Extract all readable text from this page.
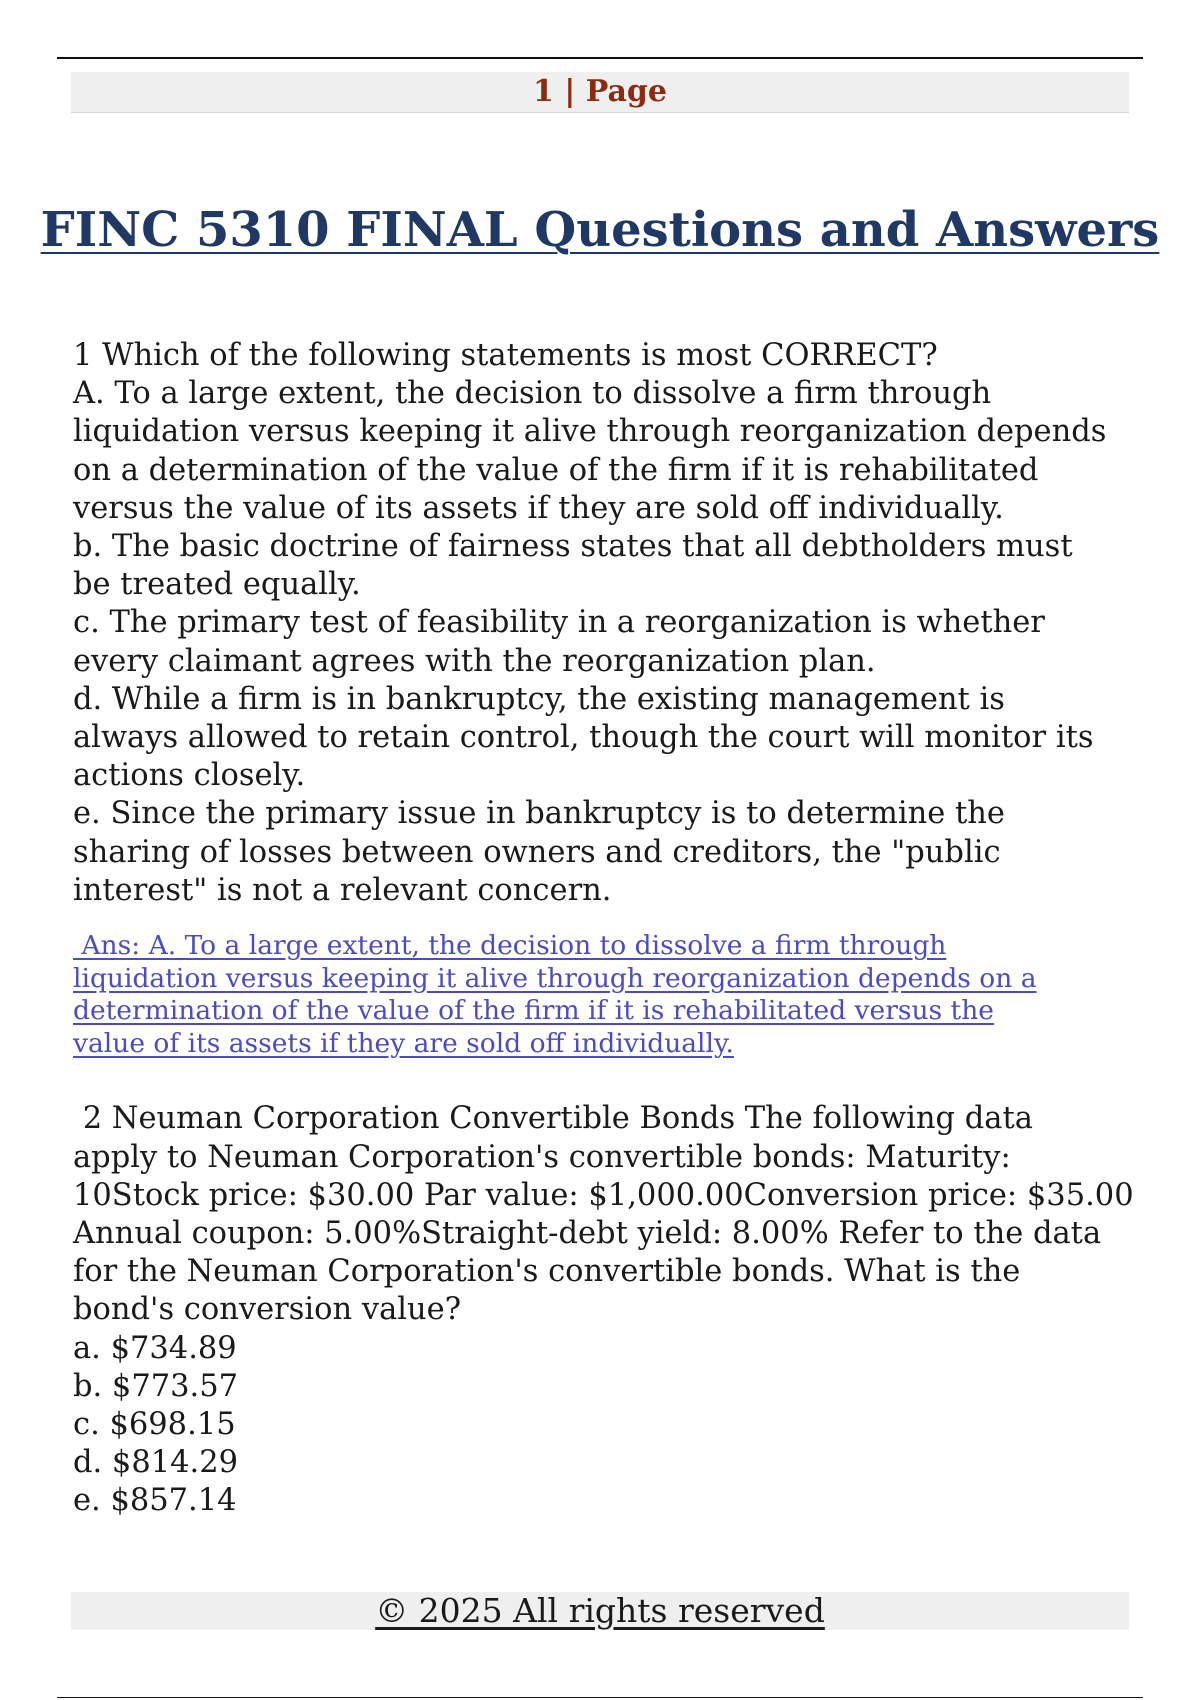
1 | Page
FINC 5310 FINAL Questions and Answers

1 Which of the following statements is most CORRECT?

A. To a large extent, the decision to dissolve a firm through

liquidation versus keeping it alive through reorganization depends

on a determination of the value of the firm if it is rehabilitated

versus the value of its assets if they are sold off individually.

b. The basic doctrine of fairness states that all debtholders must

be treated equally.

c. The primary test of feasibility in a reorganization is whether

every claimant agrees with the reorganization plan.

d. While a firm is in bankruptcy, the existing management is

always allowed to retain control, though the court will monitor its

actions closely.

e. Since the primary issue in bankruptcy is to determine the

sharing of losses between owners and creditors, the "public

interest" is not a relevant concern.

Ans: A. To a large extent, the decision to dissolve a firm through

liquidation versus keeping it alive through reorganization depends on a

determination of the value of the firm if it is rehabilitated versus the

value of its assets if they are sold off individually.

2 Neuman Corporation Convertible Bonds The following data

apply to Neuman Corporation's convertible bonds: Maturity:

10Stock price: $30.00 Par value: $1,000.00Conversion price: $35.00

Annual coupon: 5.00%Straight-debt yield: 8.00% Refer to the data

for the Neuman Corporation's convertible bonds. What is the

bond's conversion value?

a. $734.89

b. $773.57

c. $698.15

d. $814.29

e. $857.14

© 2025 All rights reserved
